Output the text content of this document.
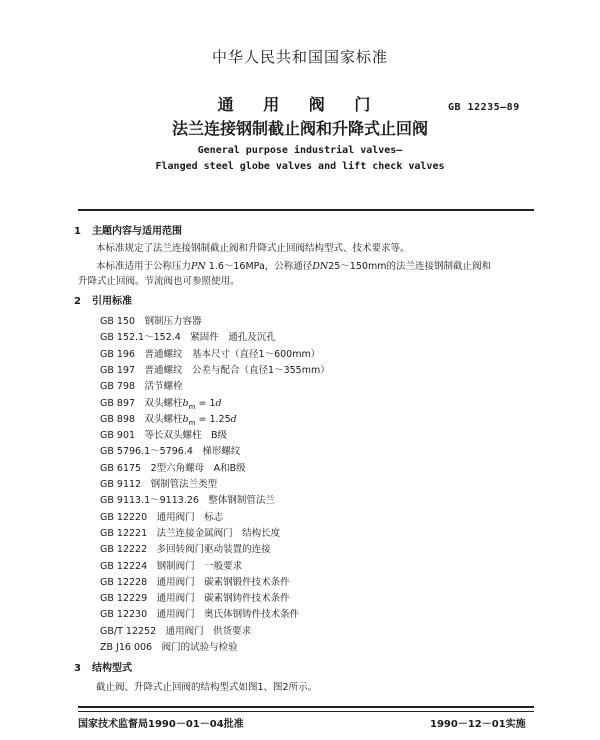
中华人民共和国国家标准
通 用 阀 门	GB 12235—89
法兰连接钢制截止阀和升降式止回阀
General purpose industrial valves—
Flanged steel globe valves and lift check valves
1 主题内容与适用范围
本标准规定了法兰连接钢制截止阀和升降式止回阀结构型式、技术要求等。
本标准适用于公称压力PN 1.6～16MPa，公称通径DN25～150mm的法兰连接钢制截止阀和
升降式止回阀。节流阀也可参照使用。
2 引用标准
GB 150　钢制压力容器
GB 152.1～152.4　紧固件　通孔及沉孔
GB 196　普通螺纹　基本尺寸（直径1～600mm）
GB 197　普通螺纹　公差与配合（直径1～355mm）
GB 798　活节螺栓
GB 897　双头螺柱$b_m = 1d$
GB 898　双头螺柱$b_m = 1.25d$
GB 901　等长双头螺柱　B级
GB 5796.1～5796.4　梯形螺纹
GB 6175　2型六角螺母　A和B级
GB 9112　钢制管法兰类型
GB 9113.1～9113.26　整体钢制管法兰
GB 12220　通用阀门　标志
GB 12221　法兰连接金属阀门　结构长度
GB 12222　多回转阀门驱动装置的连接
GB 12224　钢制阀门　一般要求
GB 12228　通用阀门　碳素钢锻件技术条件
GB 12229　通用阀门　碳素钢铸件技术条件
GB 12230　通用阀门　奥氏体钢铸件技术条件
GB/T 12252　通用阀门　供货要求
ZB J16 006　阀门的试验与检验
国家技术监督局1990－01－04批准	1990－12－01实施
3 结构型式
截止阀、升降式止回阀的结构型式如图1、图2所示。
